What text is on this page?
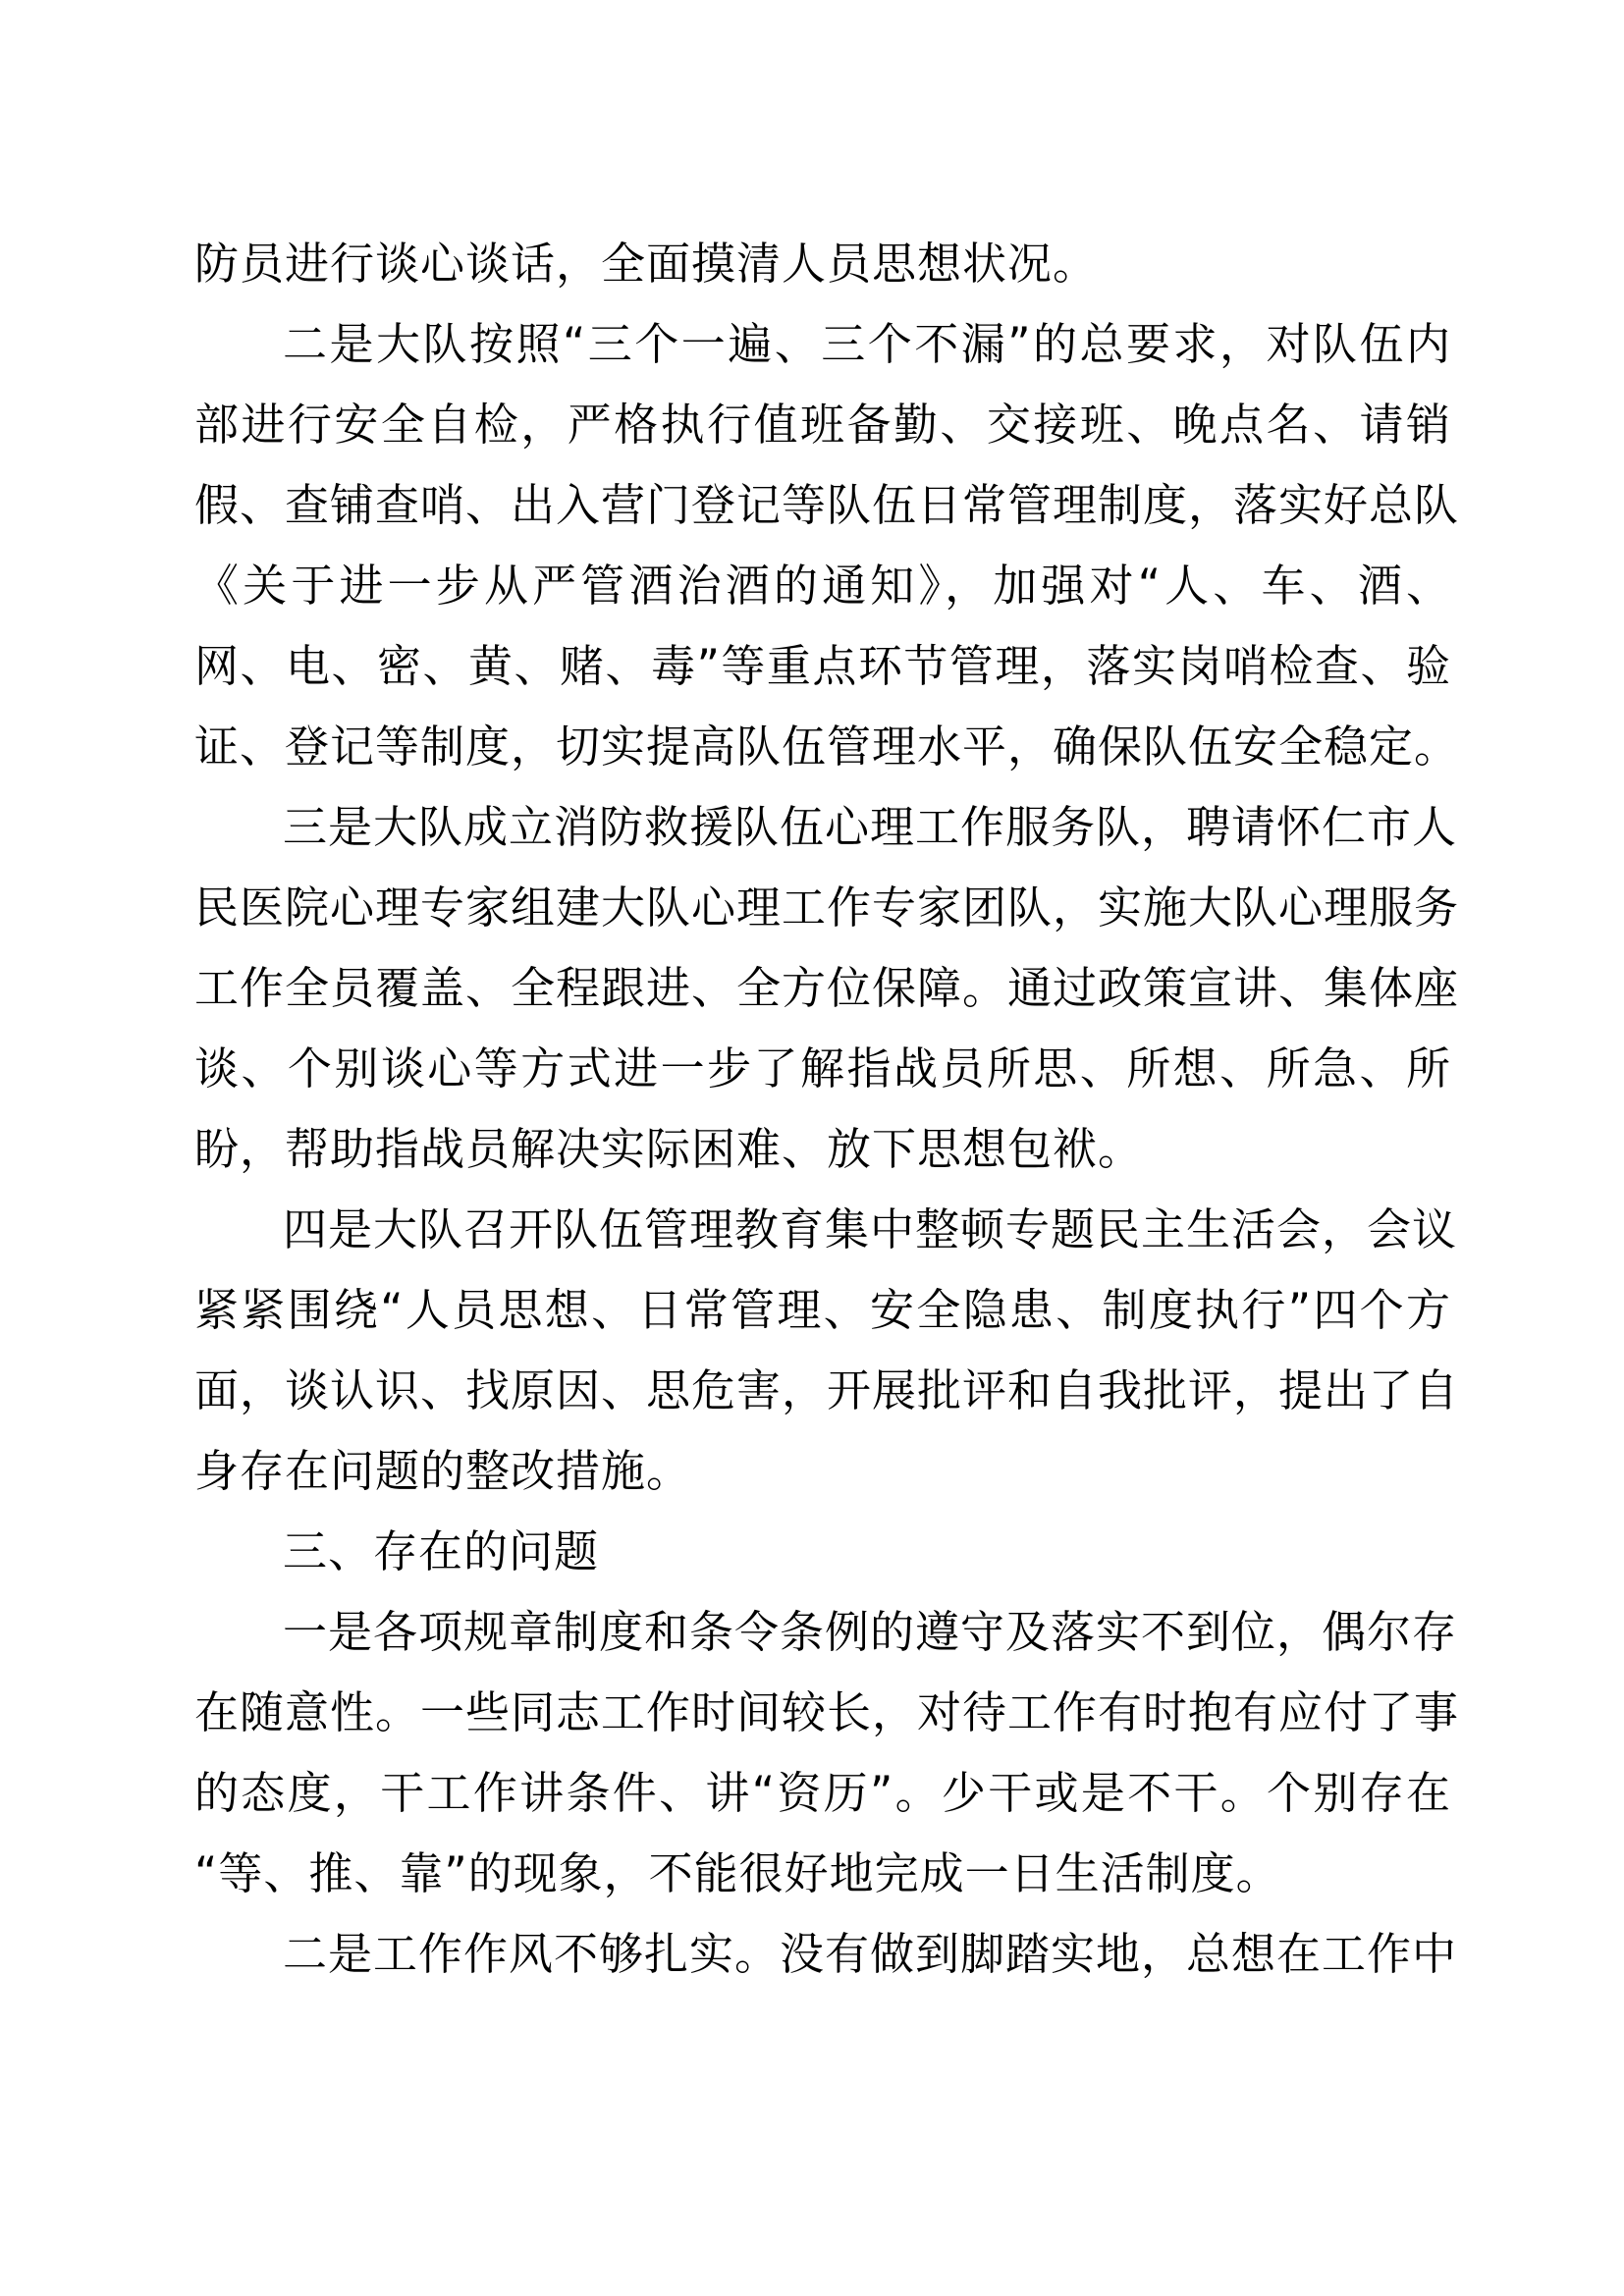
防员进行谈心谈话，全面摸清人员思想状况。
二是大队按照“三个一遍、三个不漏”的总要求，对队伍内
部进行安全自检，严格执行值班备勤、交接班、晚点名、请销
假、查铺查哨、出入营门登记等队伍日常管理制度，落实好总队
《关于进一步从严管酒治酒的通知》，加强对“人、车、酒、
网、电、密、黄、赌、毒”等重点环节管理，落实岗哨检查、验
证、登记等制度，切实提高队伍管理水平，确保队伍安全稳定。
三是大队成立消防救援队伍心理工作服务队，聘请怀仁市人
民医院心理专家组建大队心理工作专家团队，实施大队心理服务
工作全员覆盖、全程跟进、全方位保障。通过政策宣讲、集体座
谈、个别谈心等方式进一步了解指战员所思、所想、所急、所
盼，帮助指战员解决实际困难、放下思想包袱。
四是大队召开队伍管理教育集中整顿专题民主生活会，会议
紧紧围绕“人员思想、日常管理、安全隐患、制度执行”四个方
面，谈认识、找原因、思危害，开展批评和自我批评，提出了自
身存在问题的整改措施。
三、存在的问题
一是各项规章制度和条令条例的遵守及落实不到位，偶尔存
在随意性。一些同志工作时间较长，对待工作有时抱有应付了事
的态度，干工作讲条件、讲“资历”。少干或是不干。个别存在
“等、推、靠”的现象，不能很好地完成一日生活制度。
二是工作作风不够扎实。没有做到脚踏实地，总想在工作中
